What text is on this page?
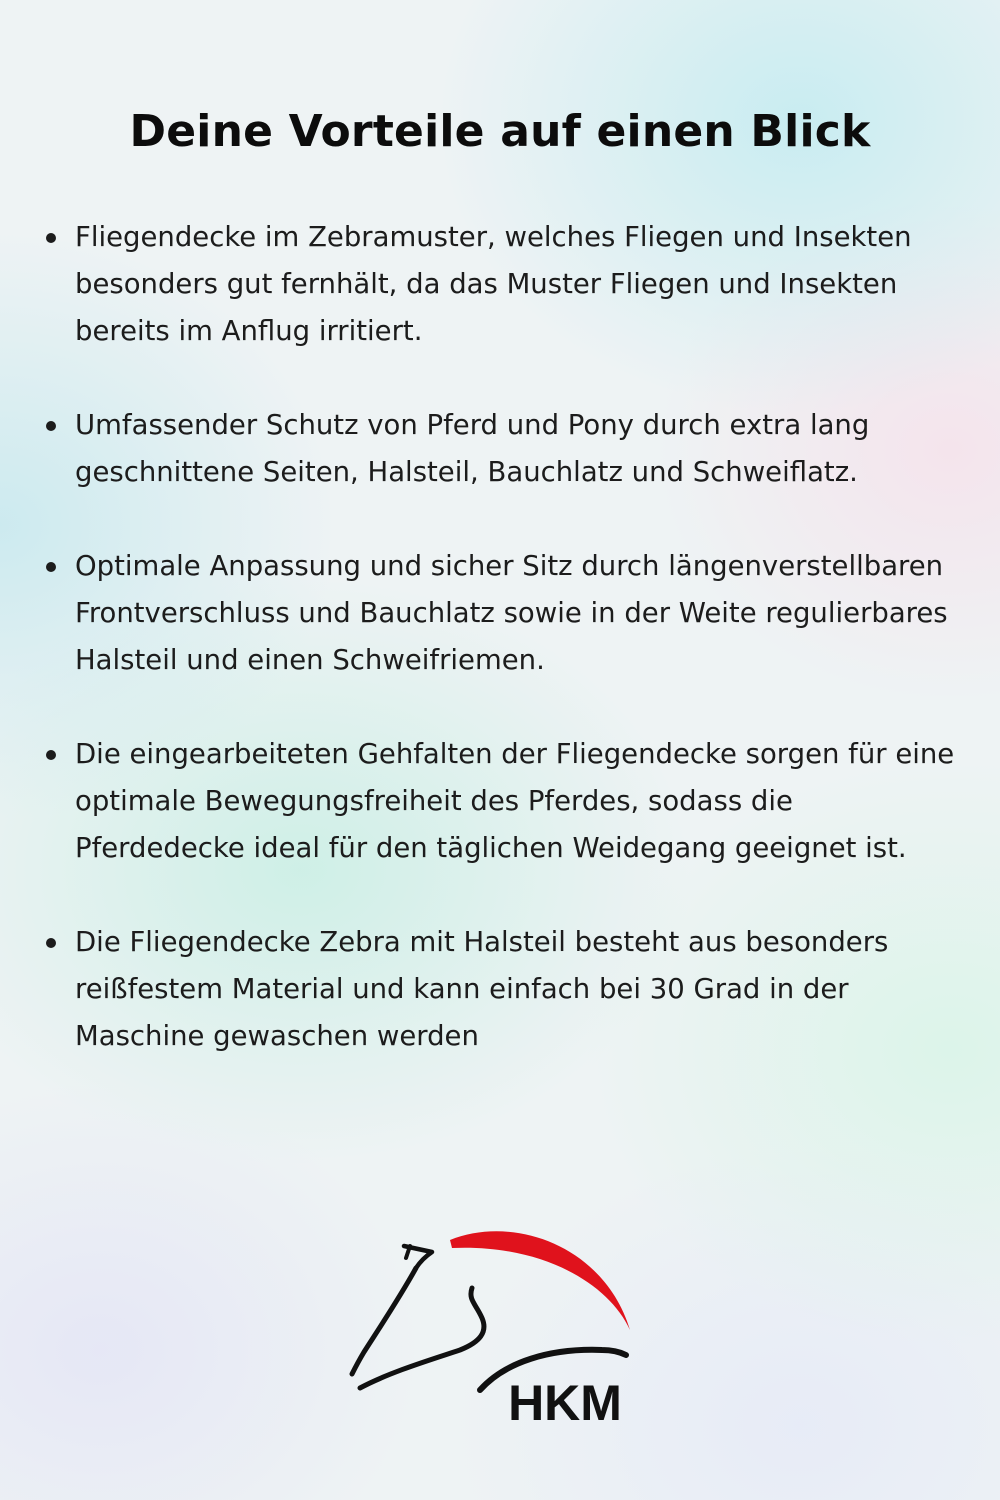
Deine Vorteile auf einen Blick
Fliegendecke im Zebramuster, welches Fliegen und Insekten besonders gut fernhält, da das Muster Fliegen und Insekten bereits im Anflug irritiert.
Umfassender Schutz von Pferd und Pony durch extra lang geschnittene Seiten, Halsteil, Bauchlatz und Schweiflatz.
Optimale Anpassung und sicher Sitz durch längenverstellbaren Frontverschluss und Bauchlatz sowie in der Weite regulierbares Halsteil und einen Schweifriemen.
Die eingearbeiteten Gehfalten der Fliegendecke sorgen für eine optimale Bewegungsfreiheit des Pferdes, sodass die Pferdedecke ideal für den täglichen Weidegang geeignet ist.
Die Fliegendecke Zebra mit Halsteil besteht aus besonders reißfestem Material und kann einfach bei 30 Grad in der Maschine gewaschen werden
HKM
